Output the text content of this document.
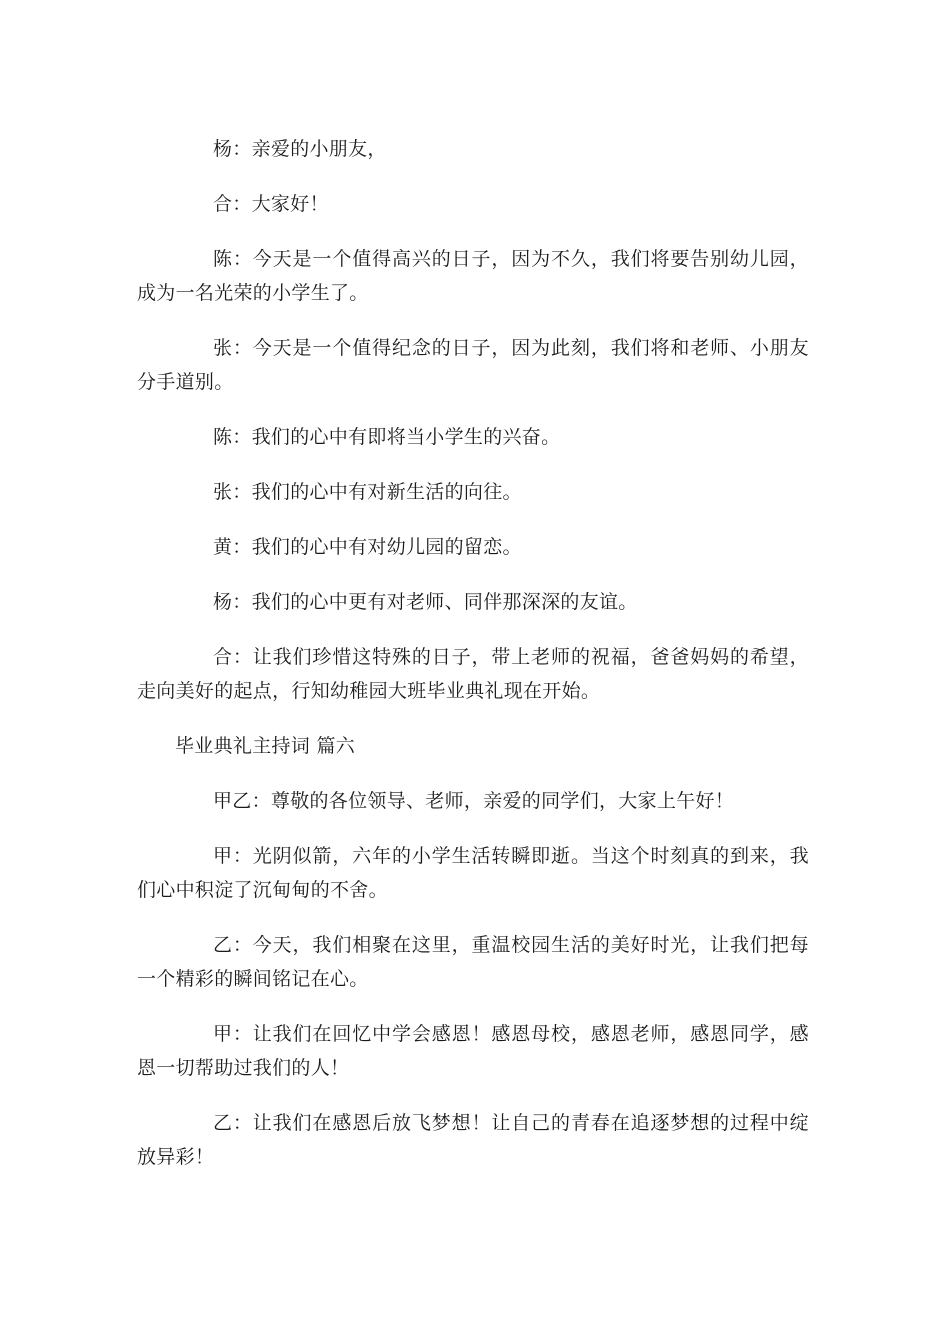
杨：亲爱的小朋友，

合：大家好！

陈：今天是一个值得高兴的日子，因为不久，我们将要告别幼儿园，成为一名光荣的小学生了。

张：今天是一个值得纪念的日子，因为此刻，我们将和老师、小朋友分手道别。

陈：我们的心中有即将当小学生的兴奋。

张：我们的心中有对新生活的向往。

黄：我们的心中有对幼儿园的留恋。

杨：我们的心中更有对老师、同伴那深深的友谊。

合：让我们珍惜这特殊的日子，带上老师的祝福，爸爸妈妈的希望，走向美好的起点，行知幼稚园大班毕业典礼现在开始。

毕业典礼主持词 篇六

甲乙：尊敬的各位领导、老师，亲爱的同学们，大家上午好！

甲：光阴似箭，六年的小学生活转瞬即逝。当这个时刻真的到来，我们心中积淀了沉甸甸的不舍。

乙：今天，我们相聚在这里，重温校园生活的美好时光，让我们把每一个精彩的瞬间铭记在心。

甲：让我们在回忆中学会感恩！感恩母校，感恩老师，感恩同学，感恩一切帮助过我们的人！

乙：让我们在感恩后放飞梦想！让自己的青春在追逐梦想的过程中绽放异彩！
